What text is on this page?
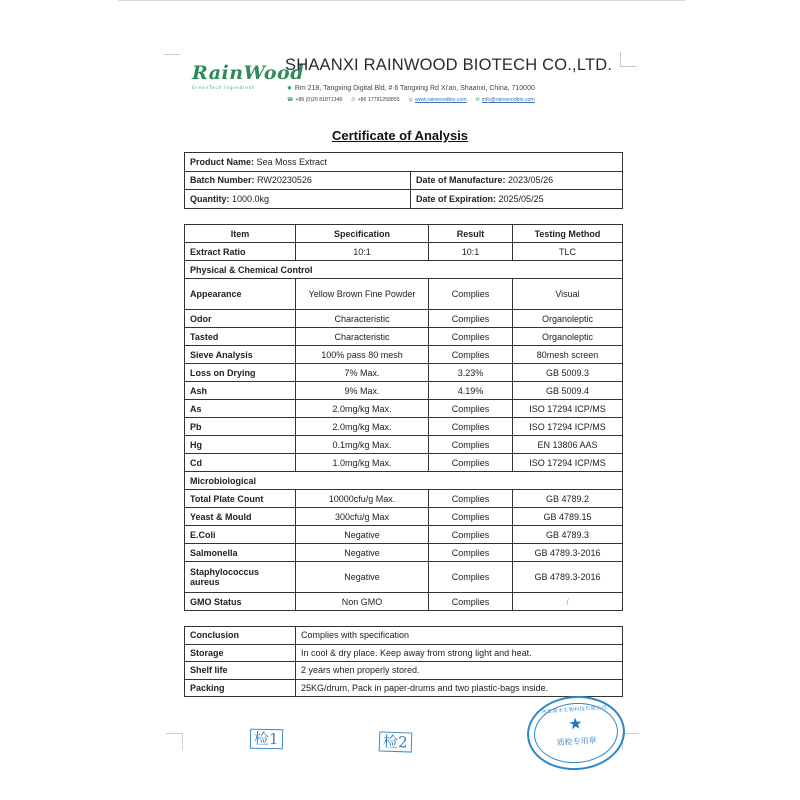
RainWood
GreenTech Ingredient
SHAANXI RAINWOOD BIOTECH CO.,LTD.
● Rm 218, Tangxing Digital Bld, # 6 Tangxing Rd Xi'an, Shaanxi, China, 710000
☎ +86 (0)29 81871346 ✆ +86 17791258855 ◎ www.rainwoodbio.com ✉ info@rainwoodbio.com
Certificate of Analysis
Product Name: Sea Moss Extract	
Batch Number: RW20230526	Date of Manufacture: 2023/05/26
Quantity: 1000.0kg	Date of Expiration: 2025/05/25
Item	Specification	Result	Testing Method
Extract Ratio	10:1	10:1	TLC
Physical & Chemical Control			
Appearance	Yellow Brown Fine Powder	Complies	Visual
Odor	Characteristic	Complies	Organoleptic
Tasted	Characteristic	Complies	Organoleptic
Sieve Analysis	100% pass 80 mesh	Complies	80mesh screen
Loss on Drying	7% Max.	3.23%	GB 5009.3
Ash	9% Max.	4.19%	GB 5009.4
As	2.0mg/kg Max.	Complies	ISO 17294 ICP/MS
Pb	2.0mg/kg Max.	Complies	ISO 17294 ICP/MS
Hg	0.1mg/kg Max.	Complies	EN 13806 AAS
Cd	1.0mg/kg Max.	Complies	ISO 17294 ICP/MS
Microbiological			
Total Plate Count	10000cfu/g Max.	Complies	GB 4789.2
Yeast & Mould	300cfu/g Max	Complies	GB 4789.15
E.Coli	Negative	Complies	GB 4789.3
Salmonella	Negative	Complies	GB 4789.3-2016
Staphylococcus aureus	Negative	Complies	GB 4789.3-2016
GMO Status	Non GMO	Complies	/
Conclusion	Complies with specification
Storage	In cool & dry place. Keep away from strong light and heat.
Shelf life	2 years when properly stored.
Packing	25KG/drum, Pack in paper-drums and two plastic-bags inside.
检1	检2
西安润木生物科技有限公司
★
质检专用章
